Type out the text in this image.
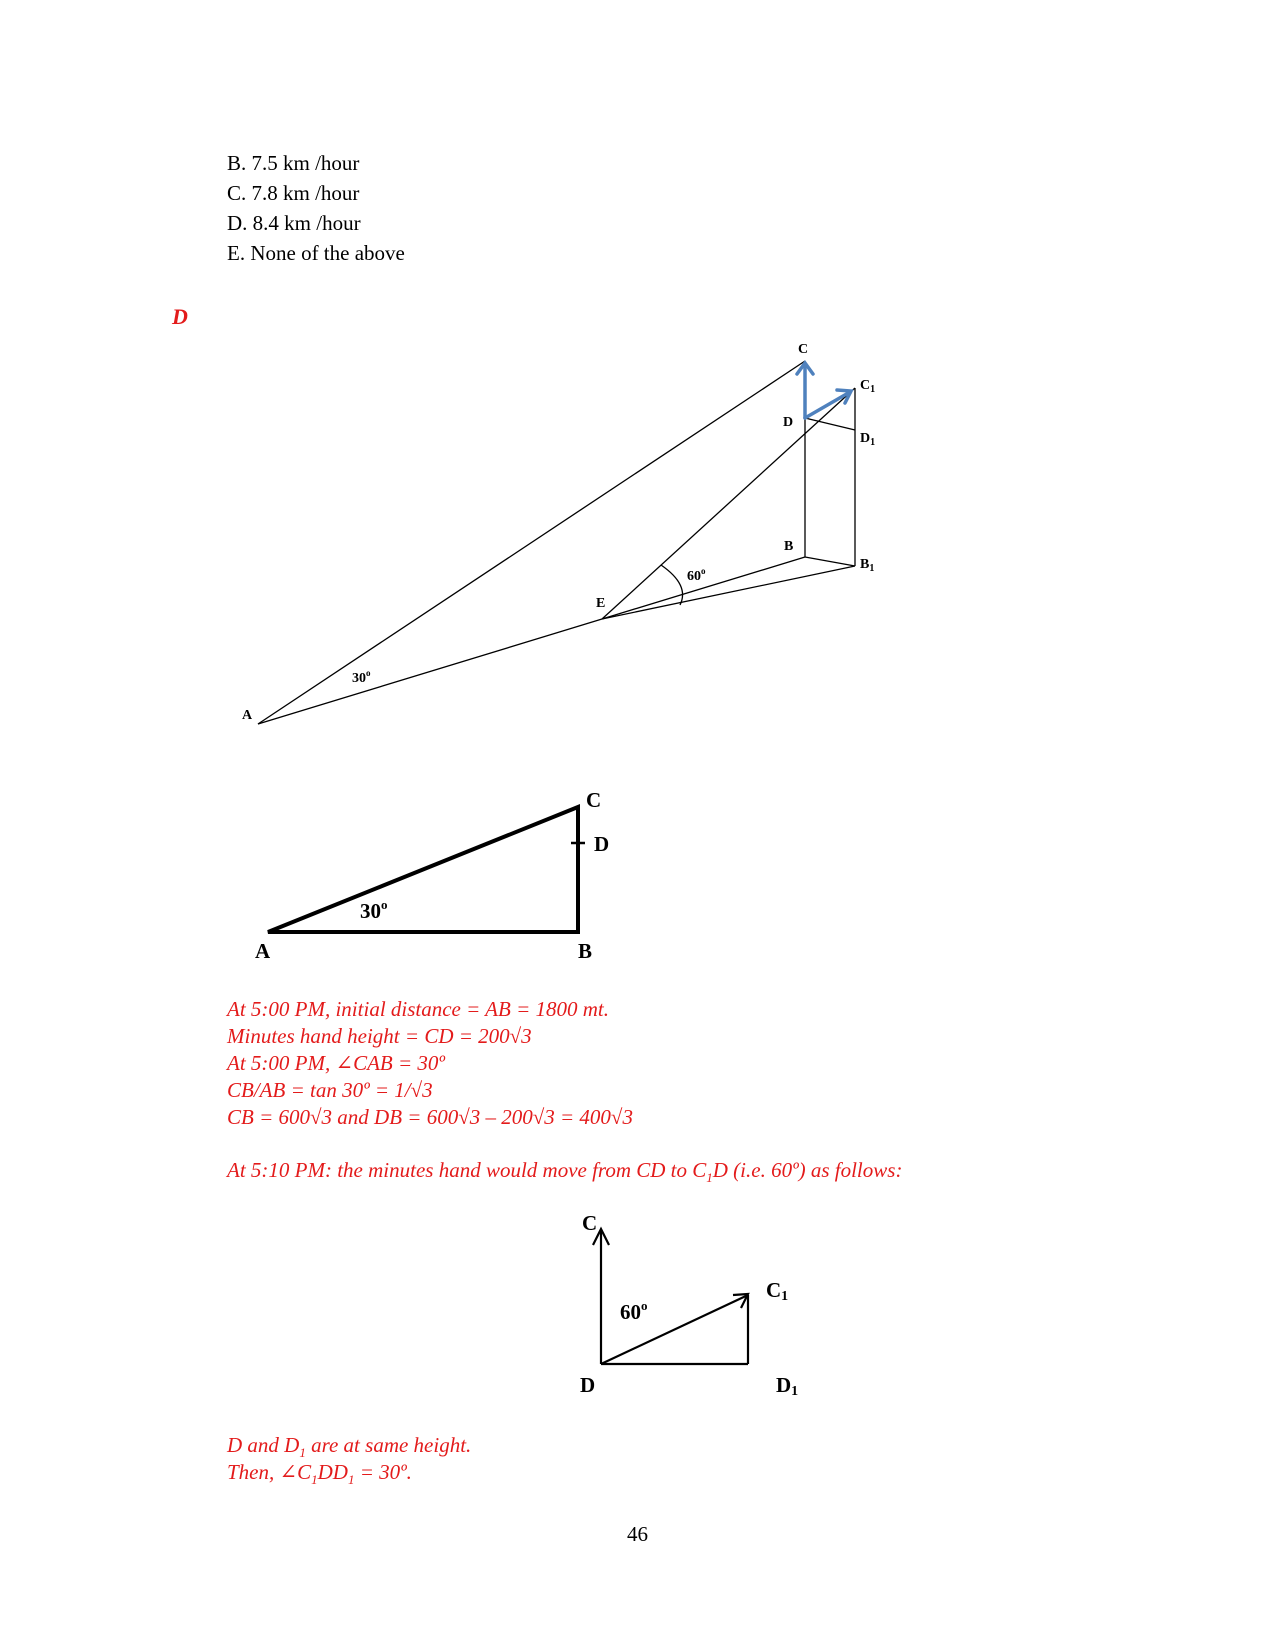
B. 7.5 km /hour
C. 7.8 km /hour
D. 8.4 km /hour
E. None of the above
D
C
$C_1$
D
$D_1$
B
$B_1$
E
A
60$^o$
30$^o$
C
D
A	B
30$^o$
At 5:00 PM, initial distance = AB = 1800 mt.
Minutes hand height = CD = 200√3
At 5:00 PM, ∠CAB = 30º
CB/AB = tan 30º = 1/√3
CB = 600√3 and DB = 600√3 – 200√3 = 400√3
At 5:10 PM: the minutes hand would move from CD to $C_1D$ (i.e. 60º) as follows:
C
C1
60$^o$
D	D1
D and $D_1$ are at same height.
Then, $\angle C_1DD_1$ = 30º.
46
